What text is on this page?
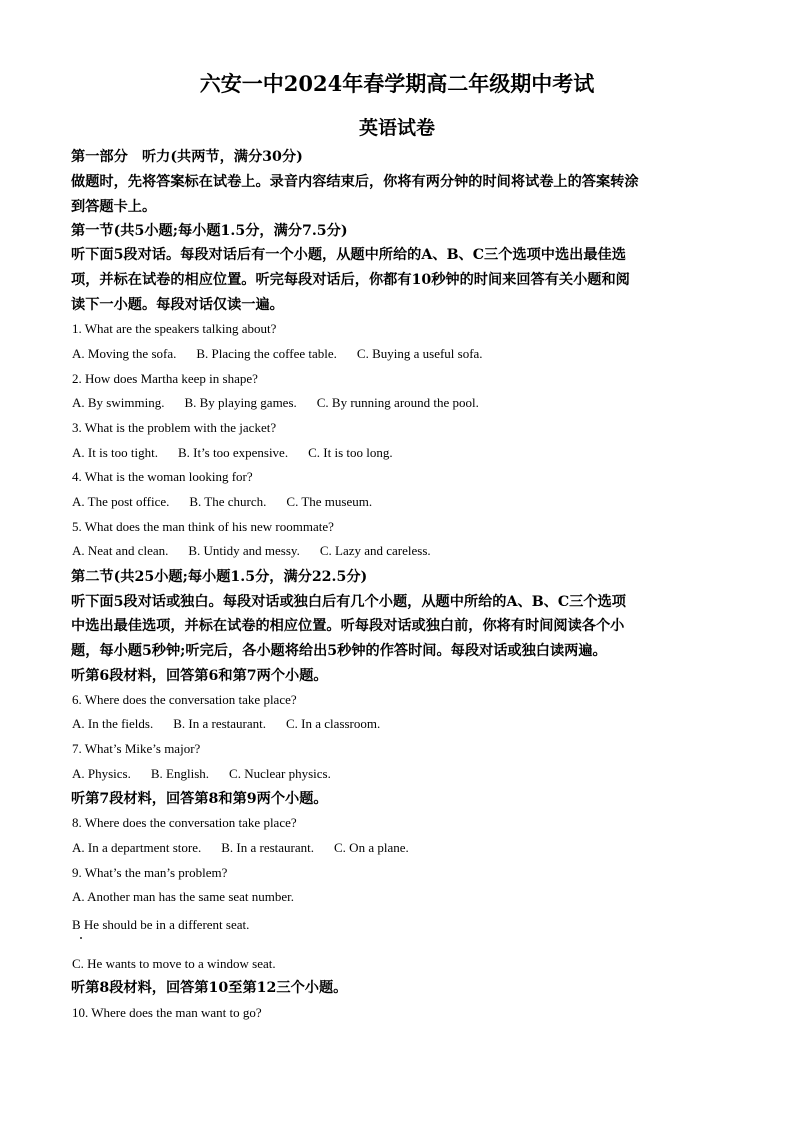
六安一中2024年春学期高二年级期中考试
英语试卷
第一部分　听力(共两节，满分30分)
做题时，先将答案标在试卷上。录音内容结束后，你将有两分钟的时间将试卷上的答案转涂
到答题卡上。
第一节(共5小题;每小题1.5分，满分7.5分)
听下面5段对话。每段对话后有一个小题，从题中所给的A、B、C三个选项中选出最佳选
项，并标在试卷的相应位置。听完每段对话后，你都有10秒钟的时间来回答有关小题和阅
读下一小题。每段对话仅读一遍。
1. What are the speakers talking about?
A. Moving the sofa. B. Placing the coffee table. C. Buying a useful sofa.
2. How does Martha keep in shape?
A. By swimming. B. By playing games. C. By running around the pool.
3. What is the problem with the jacket?
A. It is too tight. B. It’s too expensive. C. It is too long.
4. What is the woman looking for?
A. The post office. B. The church. C. The museum.
5. What does the man think of his new roommate?
A. Neat and clean. B. Untidy and messy. C. Lazy and careless.
第二节(共25小题;每小题1.5分，满分22.5分)
听下面5段对话或独白。每段对话或独白后有几个小题，从题中所给的A、B、C三个选项
中选出最佳选项，并标在试卷的相应位置。听每段对话或独白前，你将有时间阅读各个小
题，每小题5秒钟;听完后，各小题将给出5秒钟的作答时间。每段对话或独白读两遍。
听第6段材料，回答第6和第7两个小题。
6. Where does the conversation take place?
A. In the fields. B. In a restaurant. C. In a classroom.
7. What’s Mike’s major?
A. Physics. B. English. C. Nuclear physics.
听第7段材料，回答第8和第9两个小题。
8. Where does the conversation take place?
A. In a department store. B. In a restaurant. C. On a plane.
9. What’s the man’s problem?
A. Another man has the same seat number.
B He should be in a different seat.
C. He wants to move to a window seat.
听第8段材料，回答第10至第12三个小题。
10. Where does the man want to go?
